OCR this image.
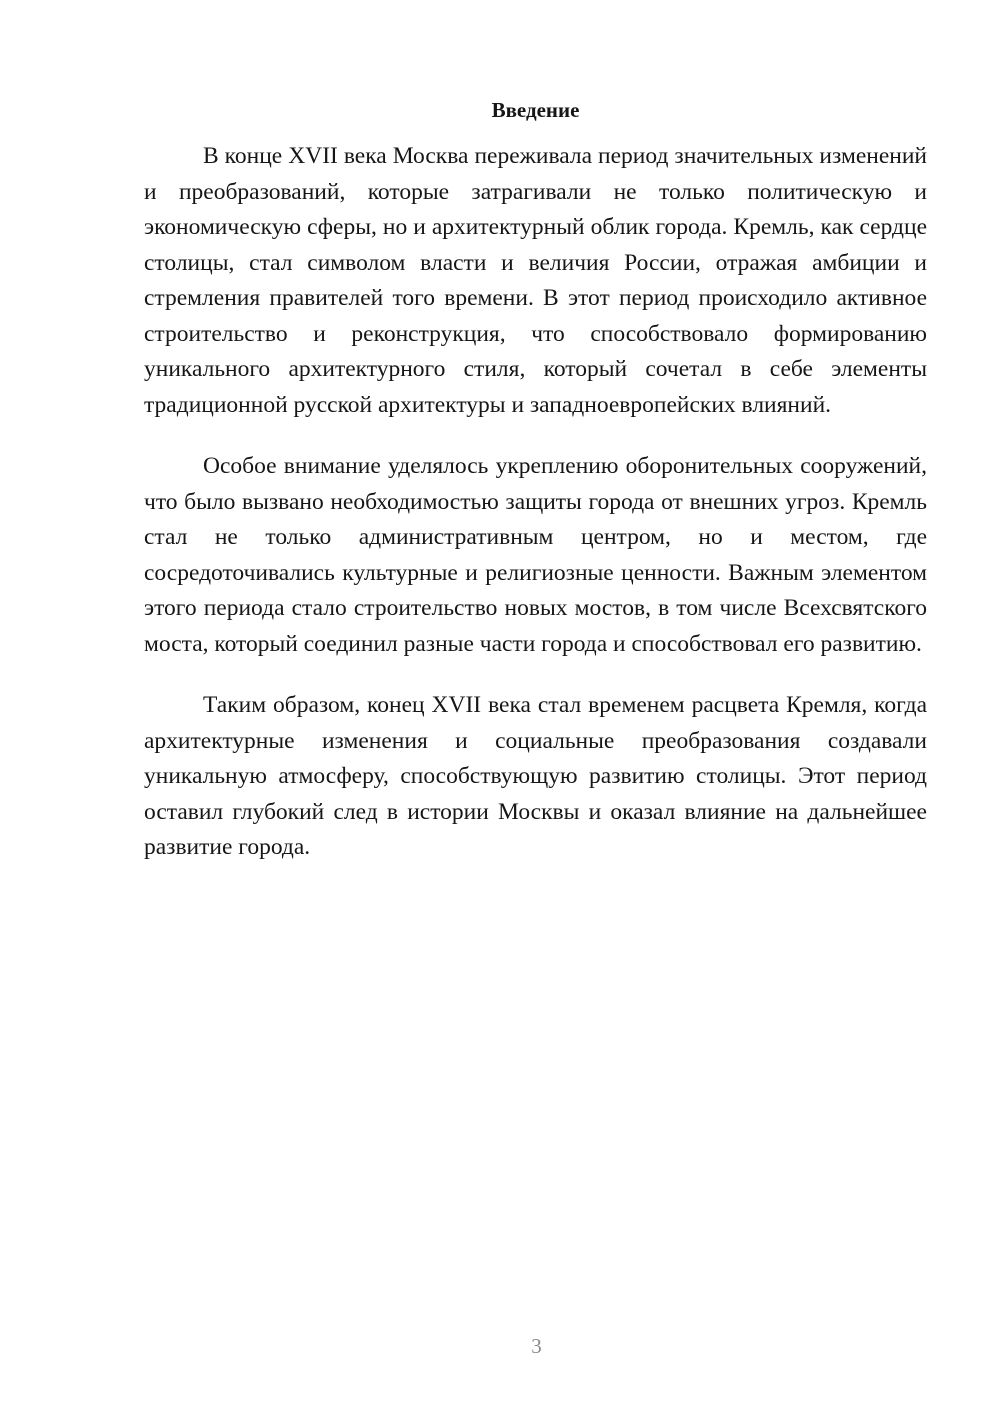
Введение

В конце XVII века Москва переживала период значительных изменений и преобразований, которые затрагивали не только политическую и экономическую сферы, но и архитектурный облик города. Кремль, как сердце столицы, стал символом власти и величия России, отражая амбиции и стремления правителей того времени. В этот период происходило активное строительство и реконструкция, что способствовало формированию уникального архитектурного стиля, который сочетал в себе элементы традиционной русской архитектуры и западноевропейских влияний.

Особое внимание уделялось укреплению оборонительных сооружений, что было вызвано необходимостью защиты города от внешних угроз. Кремль стал не только административным центром, но и местом, где сосредоточивались культурные и религиозные ценности. Важным элементом этого периода стало строительство новых мостов, в том числе Всехсвятского моста, который соединил разные части города и способствовал его развитию.

Таким образом, конец XVII века стал временем расцвета Кремля, когда архитектурные изменения и социальные преобразования создавали уникальную атмосферу, способствующую развитию столицы. Этот период оставил глубокий след в истории Москвы и оказал влияние на дальнейшее развитие города.

3
